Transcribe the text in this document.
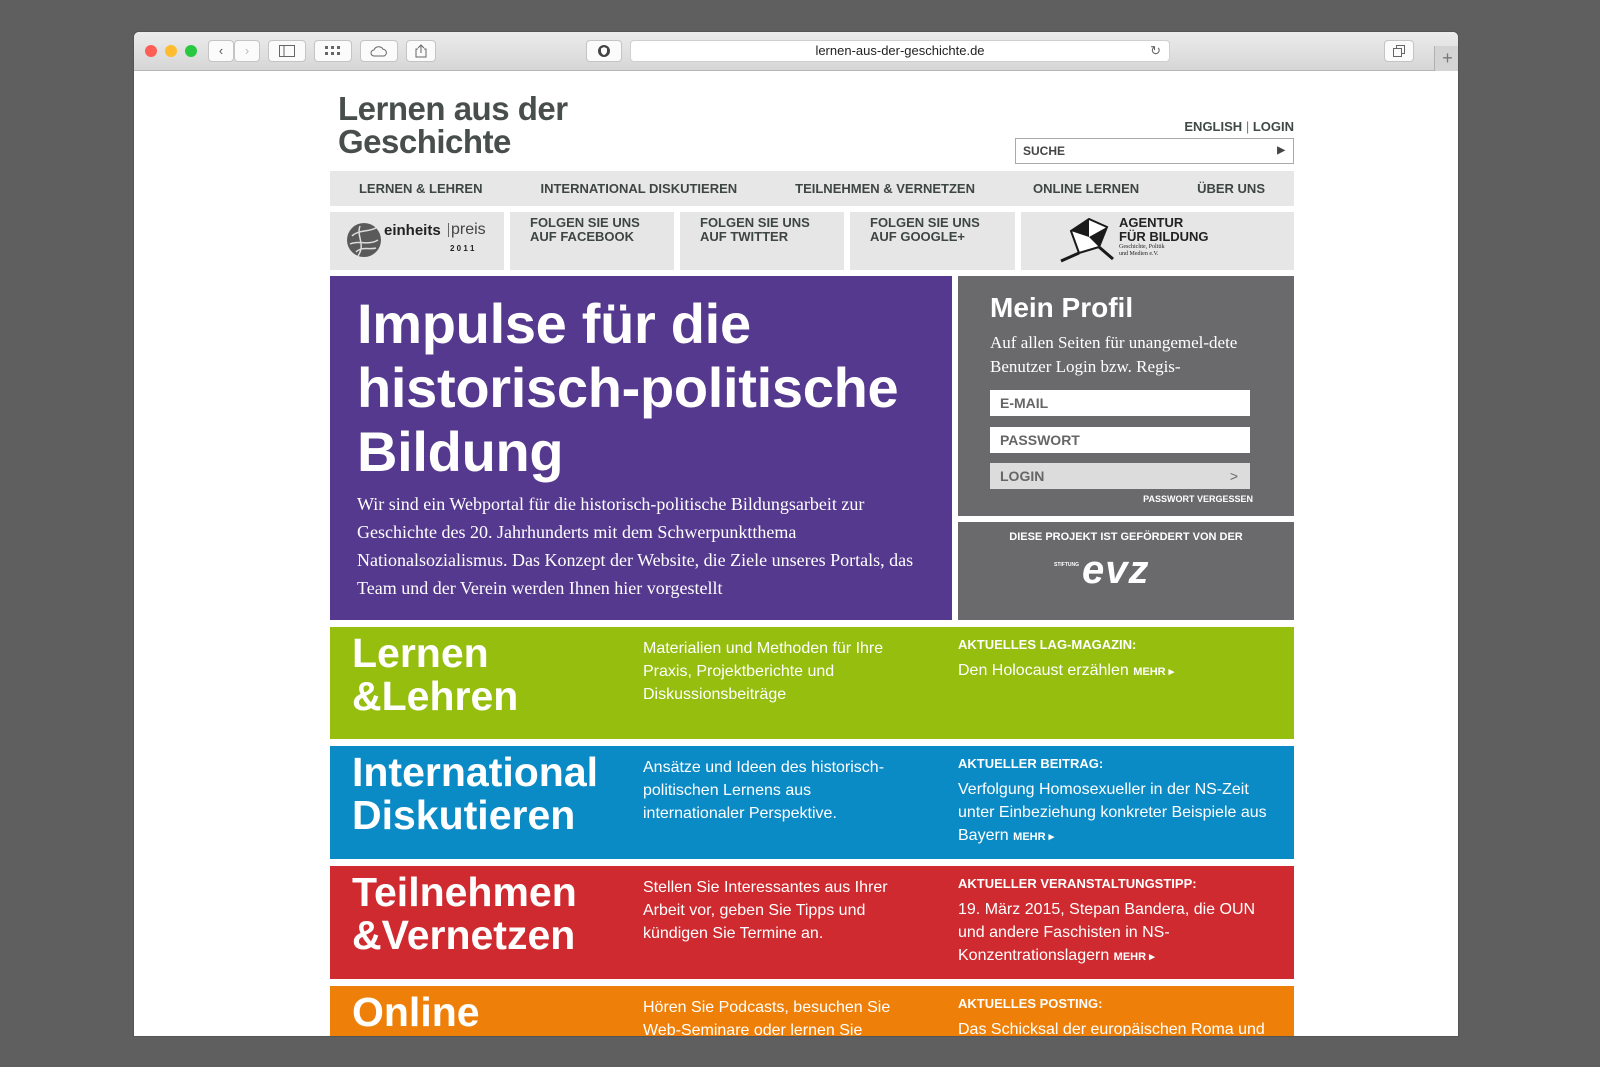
‹	›	lernen-aus-der-geschichte.de	↻	+
Lernen aus der
Geschichte	ENGLISH | LOGIN
SUCHE	▶
LERNEN & LEHREN	INTERNATIONAL DISKUTIEREN	TEILNEHMEN & VERNETZEN	ONLINE LERNEN	ÜBER UNS
einheits preis
2 0 1 1
FOLGEN SIE UNS
AUF FACEBOOK
FOLGEN SIE UNS
AUF TWITTER
FOLGEN SIE UNS
AUF GOOGLE+
AGENTUR
FÜR BILDUNG
Geschichte, Politik
und Medien e.V.
Impulse für die
historisch-politische
Bildung

Wir sind ein Webportal für die historisch-politische Bildungsarbeit zur Geschichte des 20. Jahrhunderts mit dem Schwerpunktthema Nationalsozialismus. Das Konzept der Website, die Ziele unseres Portals, das Team und der Verein werden Ihnen hier vorgestellt

Mein Profil
Auf allen Seiten für unangemel-dete Benutzer Login bzw. Regis-
E-MAIL
PASSWORT
LOGIN	>
PASSWORT VERGESSEN
DIESE PROJEKT IST GEFÖRDERT VON DER
STIFTUNG evz
Lernen
&Lehren
Materialien und Methoden für Ihre Praxis, Projektberichte und Diskussionsbeiträge
AKTUELLES LAG-MAGAZIN:
Den Holocaust erzählen MEHR ▸
International
Diskutieren
Ansätze und Ideen des historisch-politischen Lernens aus internationaler Perspektive.
AKTUELLER BEITRAG:
Verfolgung Homosexueller in der NS-Zeit unter Einbeziehung konkreter Beispiele aus Bayern MEHR ▸
Teilnehmen
&Vernetzen
Stellen Sie Interessantes aus Ihrer Arbeit vor, geben Sie Tipps und kündigen Sie Termine an.
AKTUELLER VERANSTALTUNGSTIPP:
19. März 2015, Stepan Bandera, die OUN und andere Faschisten in NS-Konzentrationslagern MEHR ▸
Online	Hören Sie Podcasts, besuchen Sie Web-Seminare oder lernen Sie
AKTUELLES POSTING:
Das Schicksal der europäischen Roma und
